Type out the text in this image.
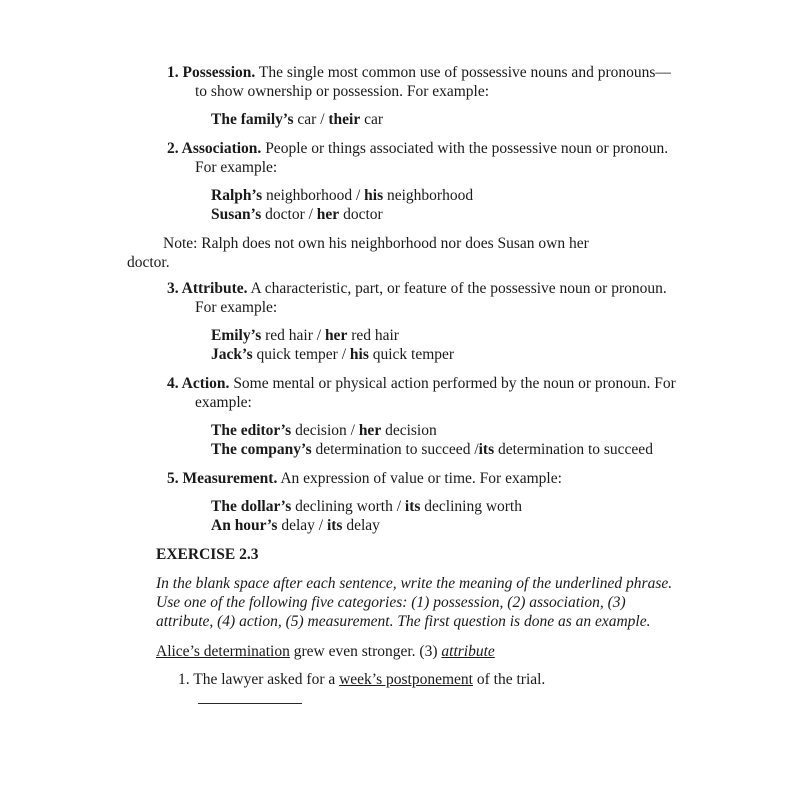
1. Possession. The single most common use of possessive nouns and pronouns— to show ownership or possession. For example:

The family’s car / their car

2. Association. People or things associated with the possessive noun or pronoun. For example:

Ralph’s neighborhood / his neighborhood

Susan’s doctor / her doctor

Note: Ralph does not own his neighborhood nor does Susan own her doctor.

3. Attribute. A characteristic, part, or feature of the possessive noun or pronoun. For example:

Emily’s red hair / her red hair

Jack’s quick temper / his quick temper

4. Action. Some mental or physical action performed by the noun or pronoun. For example:

The editor’s decision / her decision

The company’s determination to succeed /its determination to succeed

5. Measurement. An expression of value or time. For example:

The dollar’s declining worth / its declining worth

An hour’s delay / its delay

EXERCISE 2.3

In the blank space after each sentence, write the meaning of the underlined phrase. Use one of the following five categories: (1) possession, (2) association, (3) attribute, (4) action, (5) measurement. The first question is done as an example.

Alice’s determination grew even stronger. (3) attribute

1. The lawyer asked for a week’s postponement of the trial.
